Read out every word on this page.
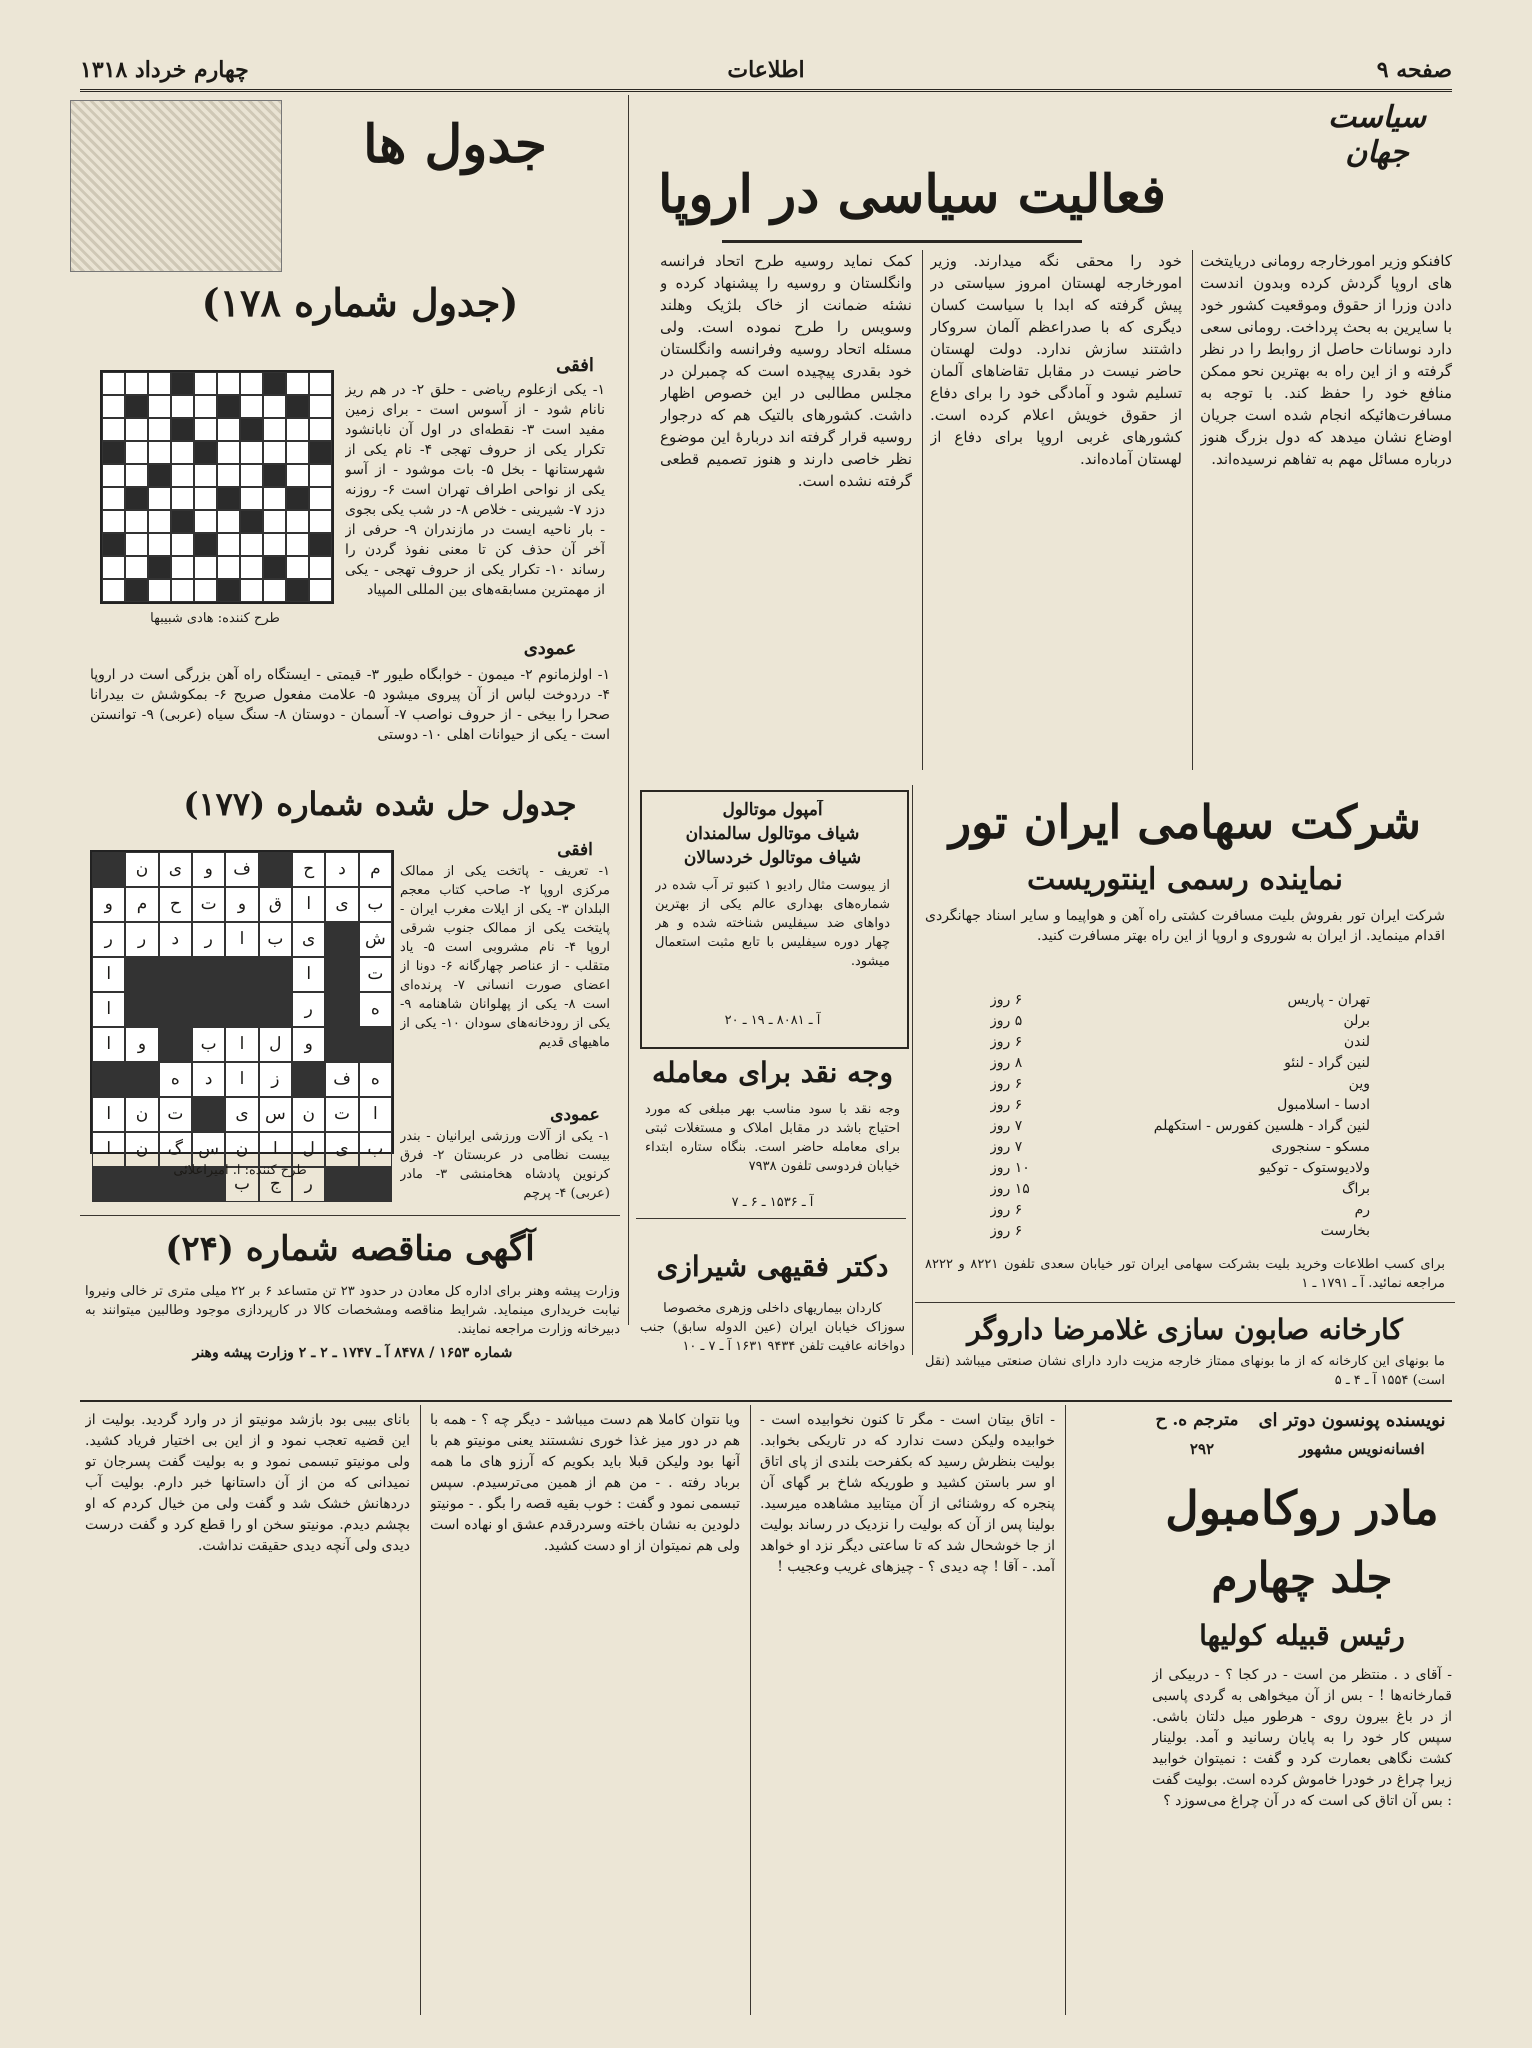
صفحه ۹
اطلاعات
چهارم خرداد ۱۳۱۸
سیاست جهان
فعالیت سیاسی در اروپا
کافنکو وزیر امورخارجه رومانی دریایتخت های اروپا گردش کرده وبدون اندست دادن وزرا از حقوق وموقعیت کشور خود با سایرین به بحث پرداخت. رومانی سعی دارد نوسانات حاصل از روابط را در نظر گرفته و از این راه به بهترین نحو ممکن منافع خود را حفظ کند. با توجه به مسافرت‌هائیکه انجام شده است جریان اوضاع نشان میدهد که دول بزرگ هنوز درباره مسائل مهم به تفاهم نرسیده‌اند.
خود را محقی نگه میدارند. وزیر امورخارجه لهستان امروز سیاستی در پیش گرفته که ابدا با سیاست کسان دیگری که با صدراعظم آلمان سروکار داشتند سازش ندارد. دولت لهستان حاضر نیست در مقابل تقاضاهای آلمان تسلیم شود و آمادگی خود را برای دفاع از حقوق خویش اعلام کرده است. کشورهای غربی اروپا برای دفاع از لهستان آماده‌اند.
کمک نماید روسیه طرح اتحاد فرانسه وانگلستان و روسیه را پیشنهاد کرده و نشئه ضمانت از خاک بلژیک وهلند وسویس را طرح نموده است. ولی مسئله اتحاد روسیه وفرانسه وانگلستان خود بقدری پیچیده است که چمبرلن در مجلس مطالبی در این خصوص اظهار داشت. کشورهای بالتیک هم که درجوار روسیه قرار گرفته اند دربارهٔ این موضوع نظر خاصی دارند و هنوز تصمیم قطعی گرفته نشده است.
جدول ها
(جدول شماره ۱۷۸)
طرح کننده: هادی شبیبها
افقی
۱- یکی ازعلوم ریاضی - حلق ۲- در هم ریز نانام شود - از آسوس است - برای زمین مفید است ۳- نقطه‌ای در اول آن نابانشود تکرار یکی از حروف تهجی ۴- نام یکی از شهرستانها - بخل ۵- بات موشود - از آسو یکی از نواحی اطراف تهران است ۶- روزنه دزد ۷- شیرینی - خلاص ۸- در شب یکی بجوی - بار ناحیه ایست در مازندران ۹- حرفی از آخر آن حذف کن تا معنی نفوذ گردن را رساند ۱۰- تکرار یکی از حروف تهجی - یکی از مهمترین مسابقه‌های بین المللی المپیاد
عمودی
۱- اولزمانوم ۲- میمون - خوابگاه طیور ۳- قیمتی - ایستگاه راه آهن بزرگی است در اروپا ۴- دردوخت لباس از آن پیروی میشود ۵- علامت مفعول صریح ۶- بمکوشش ت بیدرانا صحرا را بیخی - از حروف نواصب ۷- آسمان - دوستان ۸- سنگ سیاه (عربی) ۹- توانستن است - یکی از حیوانات اهلی ۱۰- دوستی
جدول حل شده شماره (۱۷۷)
م
د
ح
ف
و
ی
ن
ب
ی
ا
ق
و
ت
ح
م
و
ش
ی
ب
ا
ر
د
ر
ر
ت
ا
ا
ه
ر
ا
و
ل
ا
ب
و
ا
ه
ف
ز
ا
د
ه
ا
ت
ن
س
ی
ت
ن
ا
ب
ی
ل
ا
ن
س
گ
ن
ا
ر
ج
ب
طرح کننده: ا. امیراعلائی
افقی
۱- تعریف - پاتخت یکی از ممالک مرکزی اروپا ۲- صاحب کتاب معجم البلدان ۳- یکی از ایلات مغرب ایران - پایتخت یکی از ممالک جنوب شرقی اروپا ۴- نام مشروبی است ۵- یاد متقلب - از عناصر چهارگانه ۶- دونا از اعضای صورت انسانی ۷- پرنده‌ای است ۸- یکی از پهلوانان شاهنامه ۹- یکی از رودخانه‌های سودان ۱۰- یکی از ماهیهای قدیم
عمودی
۱- یکی از آلات ورزشی ایرانیان - بندر بیست نظامی در عربستان ۲- فرق کرنوین پادشاه هخامنشی ۳- مادر (عربی) ۴- پرچم
آگهی مناقصه شماره (۲۴)
وزارت پیشه وهنر برای اداره کل معادن در حدود ۲۳ تن متساعد ۶ بر ۲۲ میلی متری تر خالی ونیروا نیابت خریداری مینماید. شرایط مناقصه ومشخصات کالا در کارپردازی موجود وطالبین میتوانند به دبیرخانه وزارت مراجعه نمایند.
شماره ۱۶۵۳ / ۸۴۷۸ آ ـ ۱۷۴۷ ـ ۲ ـ ۲ وزارت پیشه وهنر
آمپول موتالول
شیاف موتالول سالمندان
شیاف موتالول خردسالان
از یبوست مثال رادیو ۱ کتبو تر آب شده در شماره‌های بهداری عالم یکی از بهترین دواهای ضد سیفلیس شناخته شده و هر چهار دوره سیفلیس با تابع مثبت استعمال میشود.
آ ـ ۸۰۸۱ ـ ۱۹ ـ ۲۰
وجه نقد برای معامله
وجه نقد با سود مناسب بهر مبلغی که مورد احتیاج باشد در مقابل املاک و مستغلات ثبتی برای معامله حاضر است. بنگاه ستاره ابتداء خیابان فردوسی تلفون ۷۹۳۸
آ ـ ۱۵۳۶ ـ ۶ ـ ۷
دکتر فقیهی شیرازی
کاردان بیماریهای داخلی وزهری مخصوصا
سوزاک خیابان ایران (عین الدوله سابق) جنب دواخانه عافیت تلفن ۹۴۳۴ ۱۶۳۱ آ ـ ۷ ـ ۱۰
شرکت سهامی ایران تور
نماینده رسمی اینتوریست
شرکت ایران تور بفروش بلیت مسافرت کشتی راه آهن و هواپیما و سایر اسناد جهانگردی اقدام مینماید. از ایران به شوروی و اروپا از این راه بهتر مسافرت کنید.
تهران - پاریس
۶ روز
برلن
۵ روز
لندن
۶ روز
لنین گراد - لنئو
۸ روز
وین
۶ روز
ادسا - اسلامبول
۶ روز
لنین گراد - هلسین کفورس - استکهلم
۷ روز
مسکو - سنجوری
۷ روز
ولادیوستوک - توکیو
۱۰ روز
براگ
۱۵ روز
رم
۶ روز
بخارست
۶ روز
برای کسب اطلاعات وخرید بلیت بشرکت سهامی ایران تور خیابان سعدی تلفون ۸۲۲۱ و ۸۲۲۲ مراجعه نمائید. آ ـ ۱۷۹۱ ـ ۱
کارخانه صابون سازی غلامرضا داروگر
ما بونهای این کارخانه که از ما بونهای ممتاز خارجه مزیت دارد دارای نشان صنعتی میباشد (نقل است) ۱۵۵۴ آ ـ ۴ ـ ۵
نویسنده پونسون دوتر ای
مترجم ه. ح
افسانه‌نویس مشهور
۲۹۲
مادر روکامبول
جلد چهارم
رئیس قبیله کولیها
- آقای د . منتظر من است - در کجا ؟ - دربیکی از قمارخانه‌ها ! - بس از آن میخواهی به گردی پاسبی از در باغ بیرون روی - هرطور میل دلتان باشی. سپس کار خود را به پایان رسانید و آمد. بولینار کشت نگاهی بعمارت کرد و گفت : نمیتوان خوابید زیرا چراغ در خودرا خاموش کرده است. بولیت گفت : بس آن اتاق کی است که در آن چراغ می‌سوزد ؟
- اتاق بیتان است - مگر تا کنون نخوابیده است - خوابیده ولیکن دست ندارد که در تاریکی بخوابد. بولیت بنظرش رسید که بکفرحت بلندی از پای اتاق او سر باستن کشید و طوریکه شاخ بر گهای آن پنجره که روشنائی از آن میتابید مشاهده میرسید. بولینا پس از آن که بولیت را نزدیک در رساند بولیت از جا خوشحال شد که تا ساعتی دیگر نزد او خواهد آمد. - آقا ! چه دیدی ؟ - چیزهای غریب وعجیب !
ویا نتوان کاملا هم دست میباشد - دیگر چه ؟ - همه با هم در دور میز غذا خوری نشستند یعنی مونیتو هم با آنها بود ولیکن قبلا باید بکویم که آرزو های ما همه برباد رفته . - من هم از همین می‌ترسیدم. سپس تبسمی نمود و گفت : خوب بقیه قصه را بگو . - مونیتو دلودین به نشان باخته وسردرقدم عشق او نهاده است ولی هم نمیتوان از او دست کشید.
بانای بیبی بود بازشد مونیتو از در وارد گردید. بولیت از این قضیه تعجب نمود و از این بی اختیار فریاد کشید. ولی مونیتو تبسمی نمود و به بولیت گفت پسرجان تو نمیدانی که من از آن داستانها خبر دارم. بولیت آب دردهانش خشک شد و گفت ولی من خیال کردم که او بچشم دیدم. مونیتو سخن او را قطع کرد و گفت درست دیدی ولی آنچه دیدی حقیقت نداشت.
